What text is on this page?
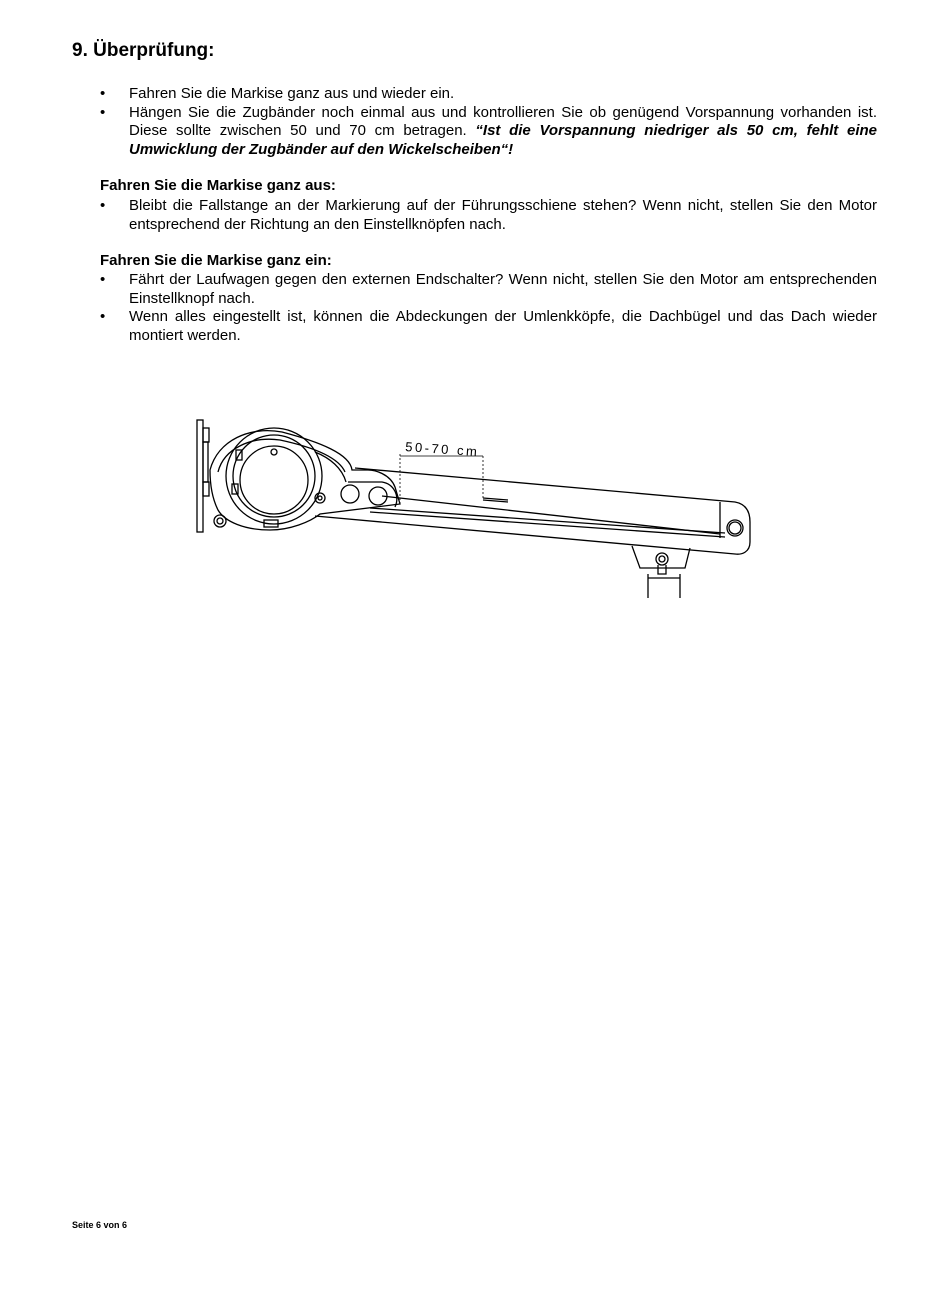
9. Überprüfung:
• Fahren Sie die Markise ganz aus und wieder ein.
• Hängen Sie die Zugbänder noch einmal aus und kontrollieren Sie ob genügend Vorspannung vorhanden ist. Diese sollte zwischen 50 und 70 cm betragen. “Ist die Vorspannung niedriger als 50 cm, fehlt eine Umwicklung der Zugbänder auf den Wickelscheiben“!

Fahren Sie die Markise ganz aus:

• Bleibt die Fallstange an der Markierung auf der Führungsschiene stehen? Wenn nicht, stellen Sie den Motor entsprechend der Richtung an den Einstellknöpfen nach.

Fahren Sie die Markise ganz ein:

• Fährt der Laufwagen gegen den externen Endschalter? Wenn nicht, stellen Sie den Motor am entsprechenden Einstellknopf nach.
• Wenn alles eingestellt ist, können die Abdeckungen der Umlenkköpfe, die Dachbügel und das Dach wieder montiert werden.
50-70 cm

Seite 6 von 6
